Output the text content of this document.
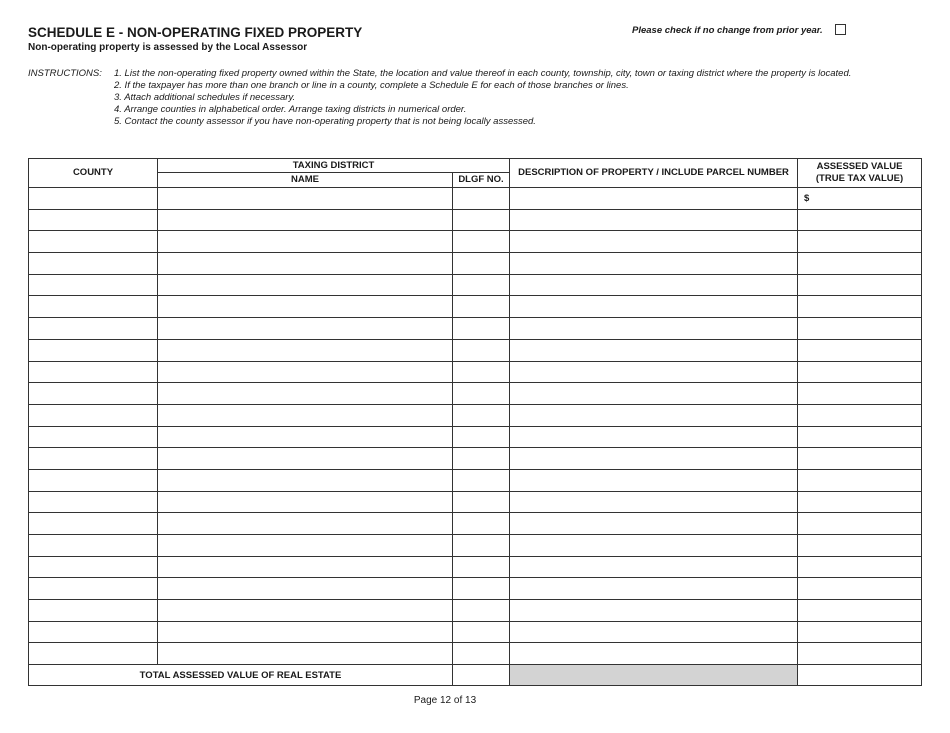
SCHEDULE E - NON-OPERATING FIXED PROPERTY
Non-operating property is assessed by the Local Assessor
Please check if no change from prior year.
INSTRUCTIONS: 1. List the non-operating fixed property owned within the State, the location and value thereof in each county, township, city, town or taxing district where the property is located.
2. If the taxpayer has more than one branch or line in a county, complete a Schedule E for each of those branches or lines.
3. Attach additional schedules if necessary.
4. Arrange counties in alphabetical order. Arrange taxing districts in numerical order.
5. Contact the county assessor if you have non-operating property that is not being locally assessed.
COUNTY	TAXING DISTRICT		DESCRIPTION OF PROPERTY / INCLUDE PARCEL NUMBER	ASSESSED VALUE
(TRUE TAX VALUE)

	NAME	DLGF NO.		
				$

TOTAL ASSESSED VALUE OF REAL ESTATE				
Page 12 of 13
